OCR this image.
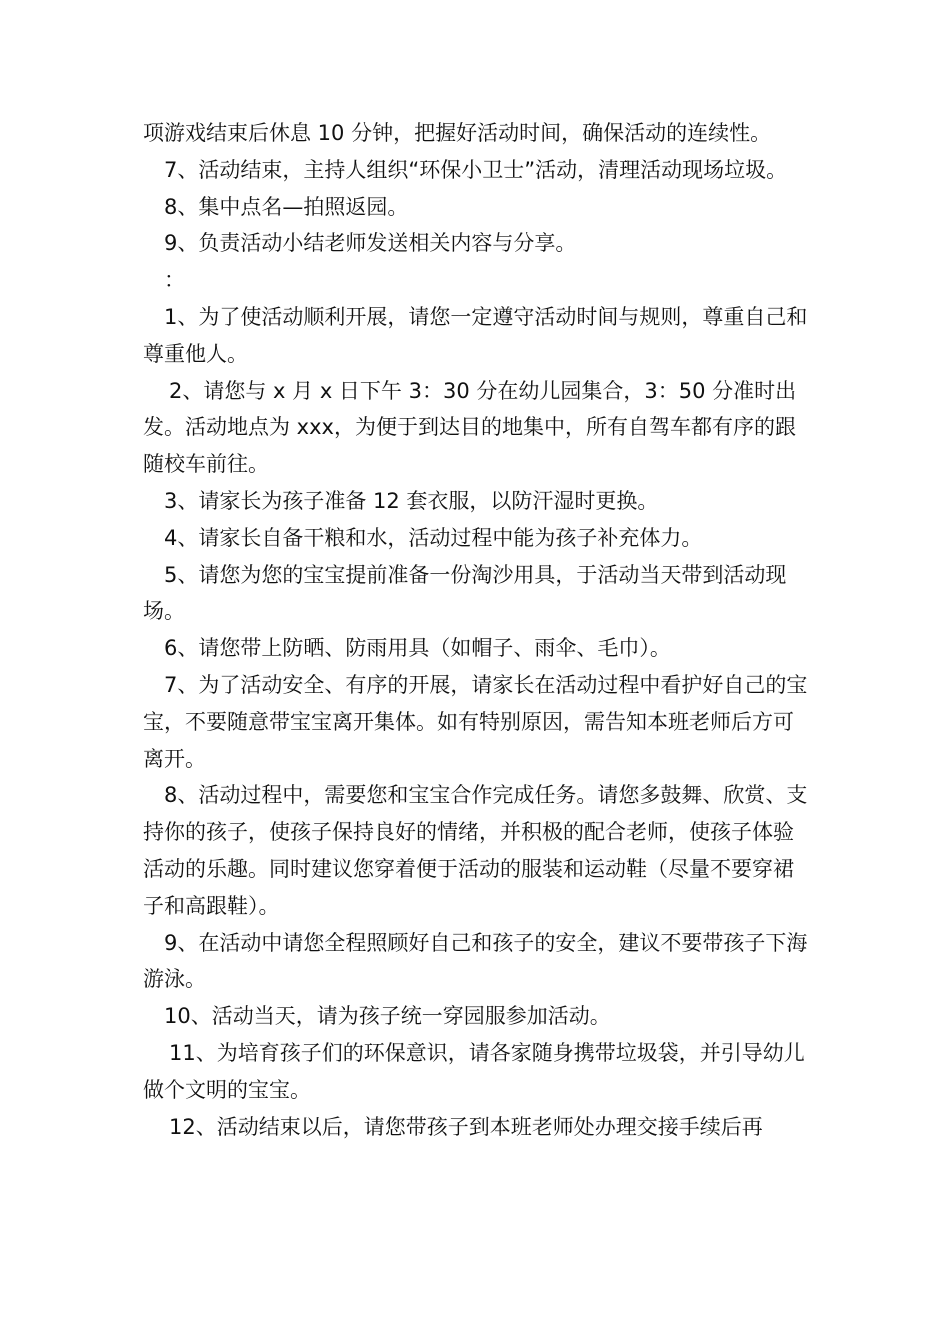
项游戏结束后休息 10 分钟，把握好活动时间，确保活动的连续性。

7、活动结束，主持人组织“环保小卫士”活动，清理活动现场垃圾。

8、集中点名—拍照返园。

9、负责活动小结老师发送相关内容与分享。

：

1、为了使活动顺利开展，请您一定遵守活动时间与规则，尊重自己和尊重他人。

2、请您与 x 月 x 日下午 3：30 分在幼儿园集合，3：50 分准时出发。活动地点为 xxx，为便于到达目的地集中，所有自驾车都有序的跟随校车前往。

3、请家长为孩子准备 12 套衣服，以防汗湿时更换。

4、请家长自备干粮和水，活动过程中能为孩子补充体力。

5、请您为您的宝宝提前准备一份淘沙用具，于活动当天带到活动现场。

6、请您带上防晒、防雨用具（如帽子、雨伞、毛巾）。

7、为了活动安全、有序的开展，请家长在活动过程中看护好自己的宝宝，不要随意带宝宝离开集体。如有特别原因，需告知本班老师后方可离开。

8、活动过程中，需要您和宝宝合作完成任务。请您多鼓舞、欣赏、支持你的孩子，使孩子保持良好的情绪，并积极的配合老师，使孩子体验活动的乐趣。同时建议您穿着便于活动的服装和运动鞋（尽量不要穿裙子和高跟鞋）。

9、在活动中请您全程照顾好自己和孩子的安全，建议不要带孩子下海游泳。

10、活动当天，请为孩子统一穿园服参加活动。

11、为培育孩子们的环保意识，请各家随身携带垃圾袋，并引导幼儿做个文明的宝宝。

12、活动结束以后，请您带孩子到本班老师处办理交接手续后再
